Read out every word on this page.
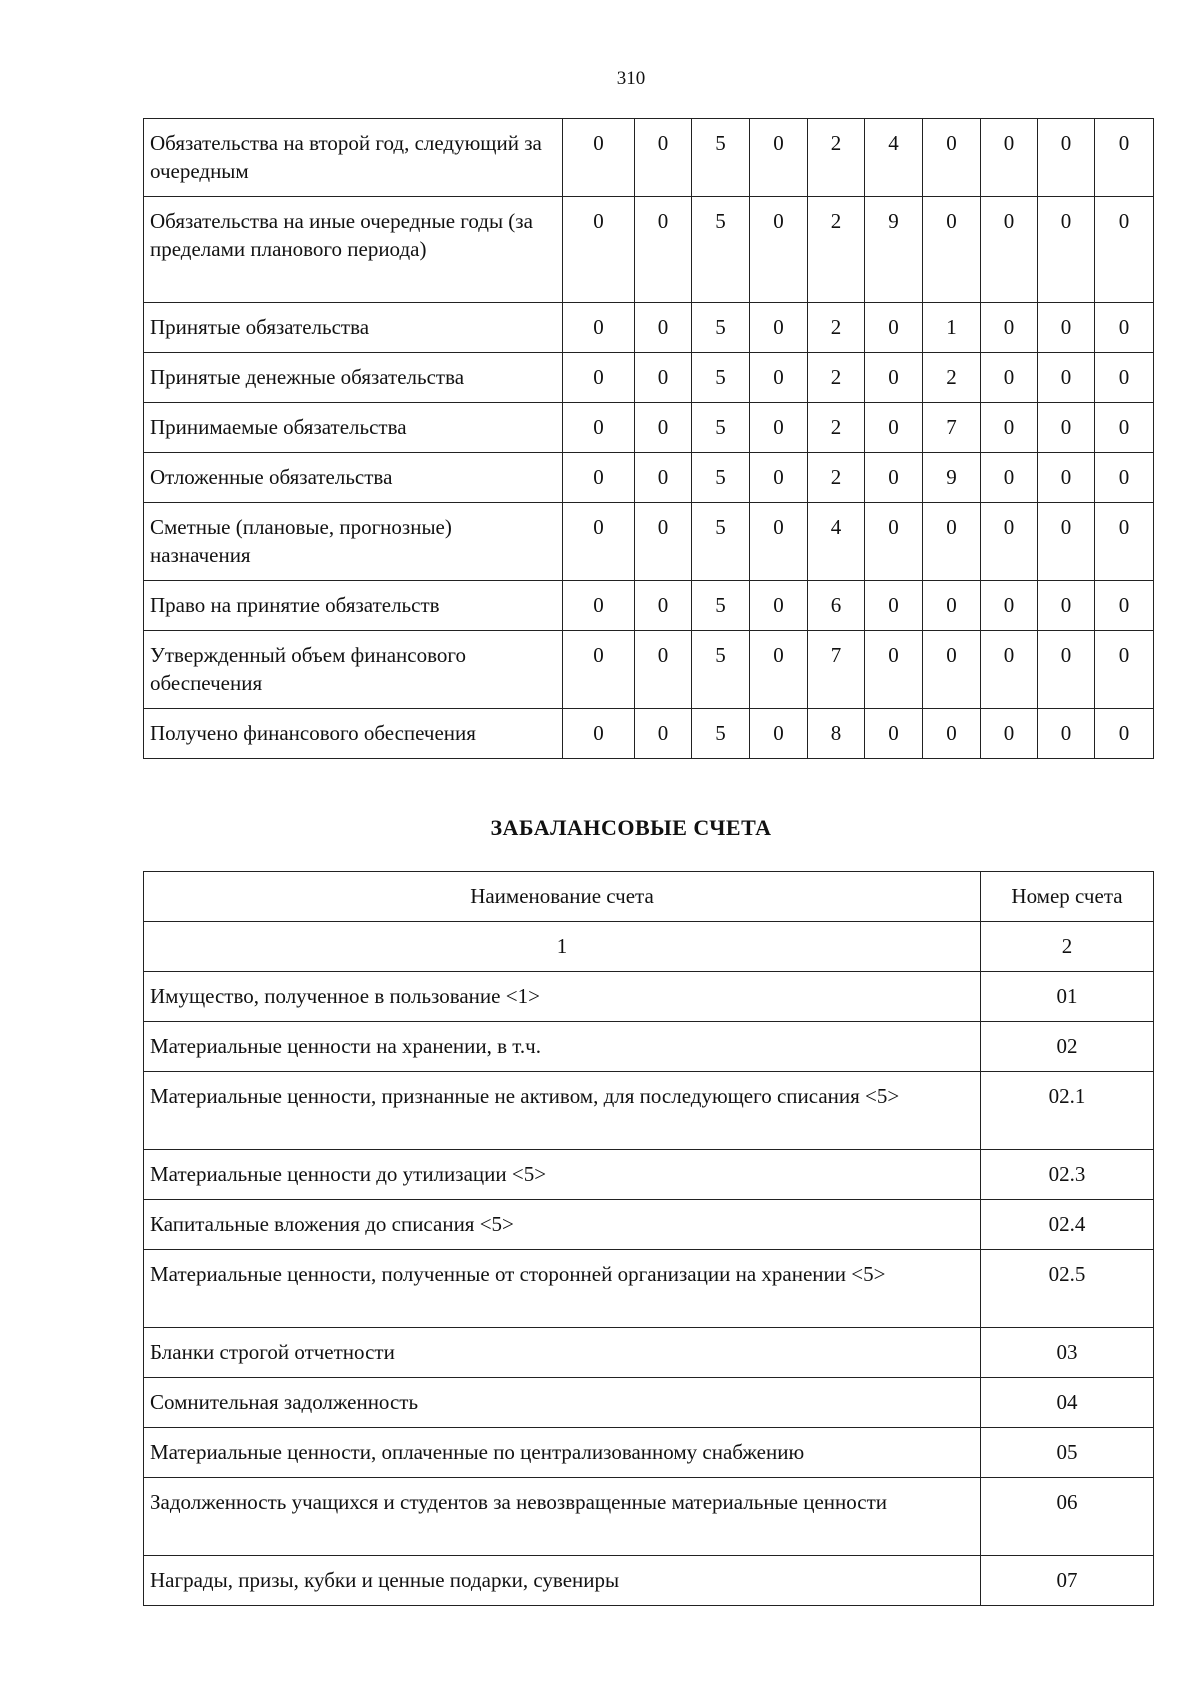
310
Обязательства на второй год, следующий за очередным	0	0	5	0	2	4	0	0	0	0
Обязательства на иные очередные годы (за пределами планового периода)	0	0	5	0	2	9	0	0	0	0
Принятые обязательства	0	0	5	0	2	0	1	0	0	0
Принятые денежные обязательства	0	0	5	0	2	0	2	0	0	0
Принимаемые обязательства	0	0	5	0	2	0	7	0	0	0
Отложенные обязательства	0	0	5	0	2	0	9	0	0	0
Сметные (плановые, прогнозные) назначения	0	0	5	0	4	0	0	0	0	0
Право на принятие обязательств	0	0	5	0	6	0	0	0	0	0
Утвержденный объем финансового обеспечения	0	0	5	0	7	0	0	0	0	0
Получено финансового обеспечения	0	0	5	0	8	0	0	0	0	0
ЗАБАЛАНСОВЫЕ СЧЕТА
Наименование счета	Номер счета
1	2
Имущество, полученное в пользование <1>	01
Материальные ценности на хранении, в т.ч.	02
Материальные ценности, признанные не активом, для последующего списания <5>	02.1
Материальные ценности до утилизации <5>	02.3
Капитальные вложения до списания <5>	02.4
Материальные ценности, полученные от сторонней организации на хранении <5>	02.5
Бланки строгой отчетности	03
Сомнительная задолженность	04
Материальные ценности, оплаченные по централизованному снабжению	05
Задолженность учащихся и студентов за невозвращенные материальные ценности	06
Награды, призы, кубки и ценные подарки, сувениры	07
